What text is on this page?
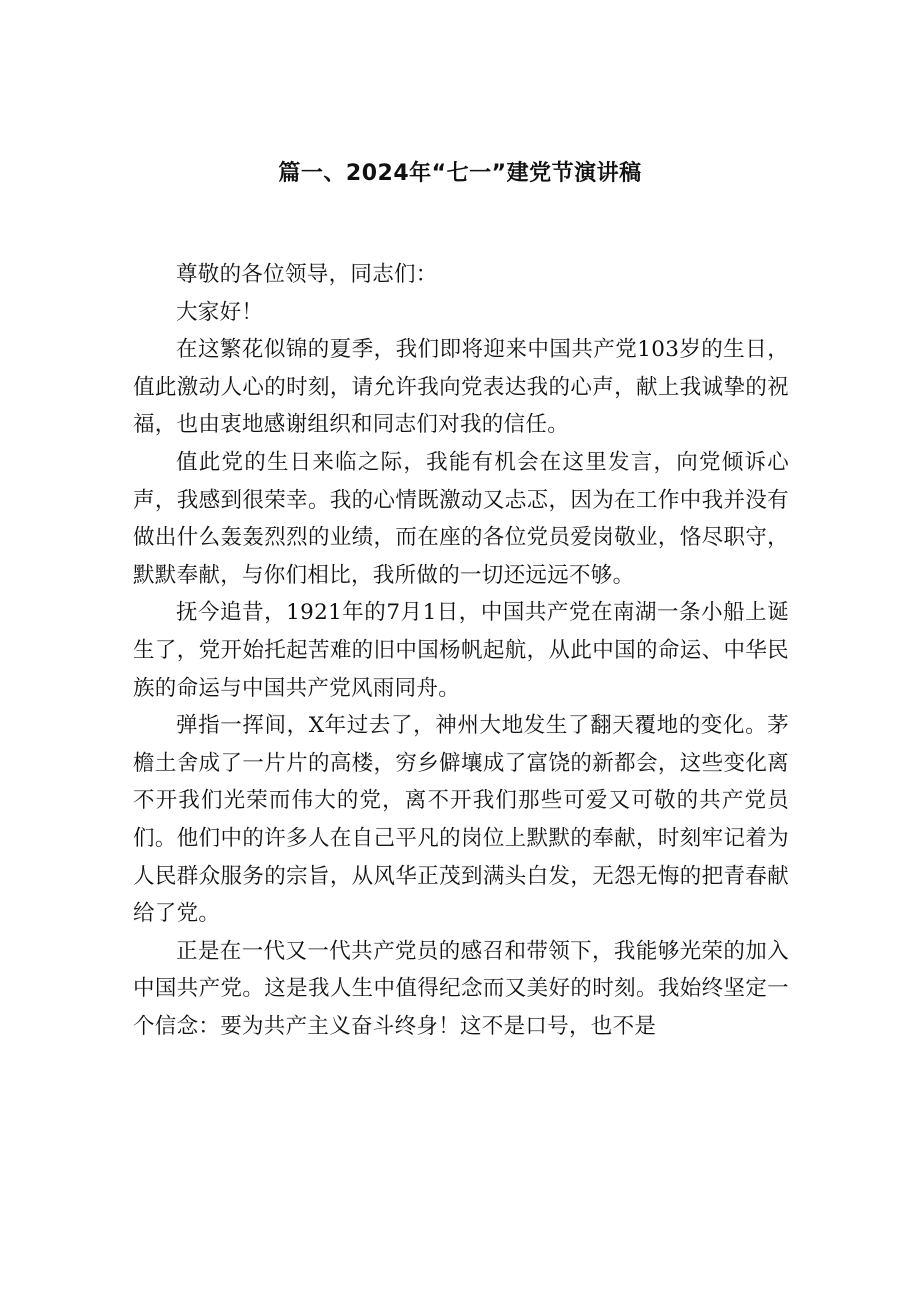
篇一、2024年“七一”建党节演讲稿

尊敬的各位领导，同志们：

大家好！

在这繁花似锦的夏季，我们即将迎来中国共产党103岁的生日，值此激动人心的时刻，请允许我向党表达我的心声，献上我诚挚的祝福，也由衷地感谢组织和同志们对我的信任。

值此党的生日来临之际，我能有机会在这里发言，向党倾诉心声，我感到很荣幸。我的心情既激动又忐忑，因为在工作中我并没有做出什么轰轰烈烈的业绩，而在座的各位党员爱岗敬业，恪尽职守，默默奉献，与你们相比，我所做的一切还远远不够。

抚今追昔，1921年的7月1日，中国共产党在南湖一条小船上诞生了，党开始托起苦难的旧中国杨帆起航，从此中国的命运、中华民族的命运与中国共产党风雨同舟。

弹指一挥间，X年过去了，神州大地发生了翻天覆地的变化。茅檐土舍成了一片片的高楼，穷乡僻壤成了富饶的新都会，这些变化离不开我们光荣而伟大的党，离不开我们那些可爱又可敬的共产党员们。他们中的许多人在自己平凡的岗位上默默的奉献，时刻牢记着为人民群众服务的宗旨，从风华正茂到满头白发，无怨无悔的把青春献给了党。

正是在一代又一代共产党员的感召和带领下，我能够光荣的加入中国共产党。这是我人生中值得纪念而又美好的时刻。我始终坚定一个信念：要为共产主义奋斗终身！这不是口号，也不是
